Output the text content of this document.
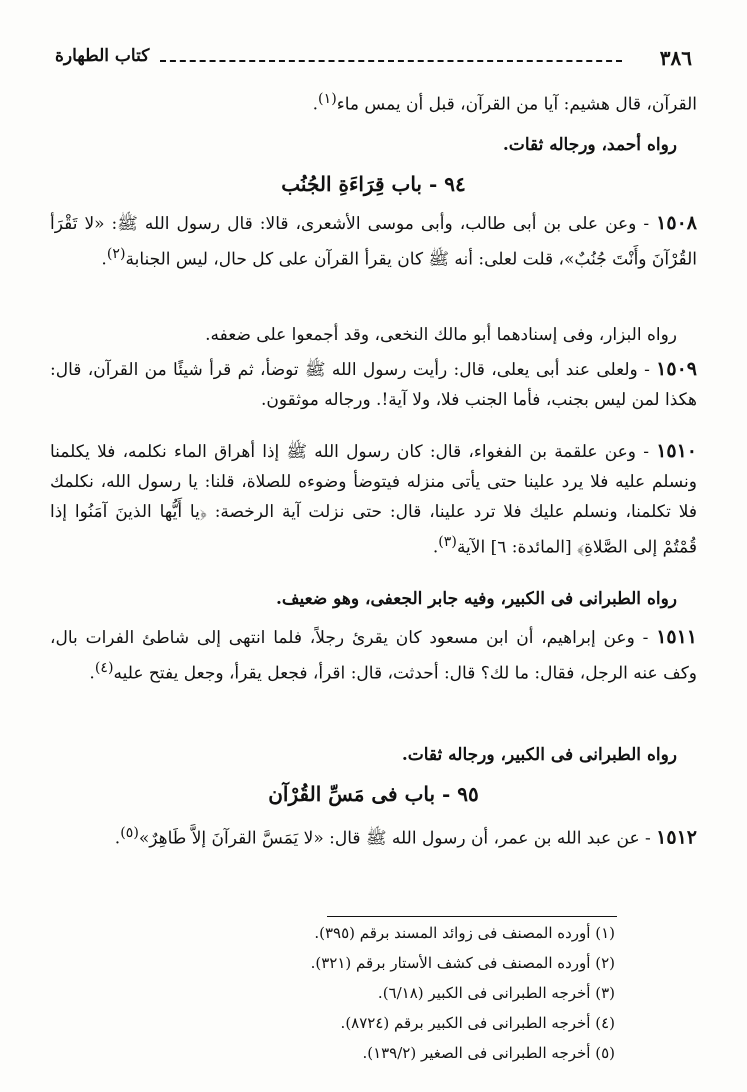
٣٨٦
كتاب الطهارة
القرآن، قال هشيم: آيا من القرآن، قبل أن يمس ماء$^{(١)}$.
رواه أحمد، ورجاله ثقات.
٩٤ - باب قِرَاءَةِ الجُنُب
١٥٠٨ - وعن على بن أبى طالب، وأبى موسى الأشعرى، قالا: قال رسول الله ﷺ: «لا تَقْرَأ القُرْآنَ وأَنْتَ جُنُبٌ»، قلت لعلى: أنه ﷺ كان يقرأ القرآن على كل حال، ليس الجنابة$^{(٢)}$.
رواه البزار، وفى إسنادهما أبو مالك النخعى، وقد أجمعوا على ضعفه.
١٥٠٩ - ولعلى عند أبى يعلى، قال: رأيت رسول الله ﷺ توضأ، ثم قرأ شيئًا من القرآن، قال: هكذا لمن ليس بجنب، فأما الجنب فلا، ولا آية!. ورجاله موثقون.
١٥١٠ - وعن علقمة بن الفغواء، قال: كان رسول الله ﷺ إذا أهراق الماء نكلمه، فلا يكلمنا ونسلم عليه فلا يرد علينا حتى يأتى منزله فيتوضأ وضوءه للصلاة، قلنا: يا رسول الله، نكلمك فلا تكلمنا، ونسلم عليك فلا ترد علينا، قال: حتى نزلت آية الرخصة: ﴿يا أَيُّها الذينَ آمَنُوا إذا قُمْتُمْ إلى الصَّلاةِ﴾ [المائدة: ٦] الآية$^{(٣)}$.
رواه الطبرانى فى الكبير، وفيه جابر الجعفى، وهو ضعيف.
١٥١١ - وعن إبراهيم، أن ابن مسعود كان يقرئ رجلاً، فلما انتهى إلى شاطئ الفرات بال، وكف عنه الرجل، فقال: ما لك؟ قال: أحدثت، قال: اقرأ، فجعل يقرأ، وجعل يفتح عليه$^{(٤)}$.
رواه الطبرانى فى الكبير، ورجاله ثقات.
٩٥ - باب فى مَسِّ القُرْآن
١٥١٢ - عن عبد الله بن عمر، أن رسول الله ﷺ قال: «لا يَمَسَّ القرآنَ إلاَّ طَاهِرٌ»$^{(٥)}$.
(١) أورده المصنف فى زوائد المسند برقم (٣٩٥).
(٢) أورده المصنف فى كشف الأستار برقم (٣٢١).
(٣) أخرجه الطبرانى فى الكبير (٦/١٨).
(٤) أخرجه الطبرانى فى الكبير برقم (٨٧٢٤).
(٥) أخرجه الطبرانى فى الصغير (١٣٩/٢).
